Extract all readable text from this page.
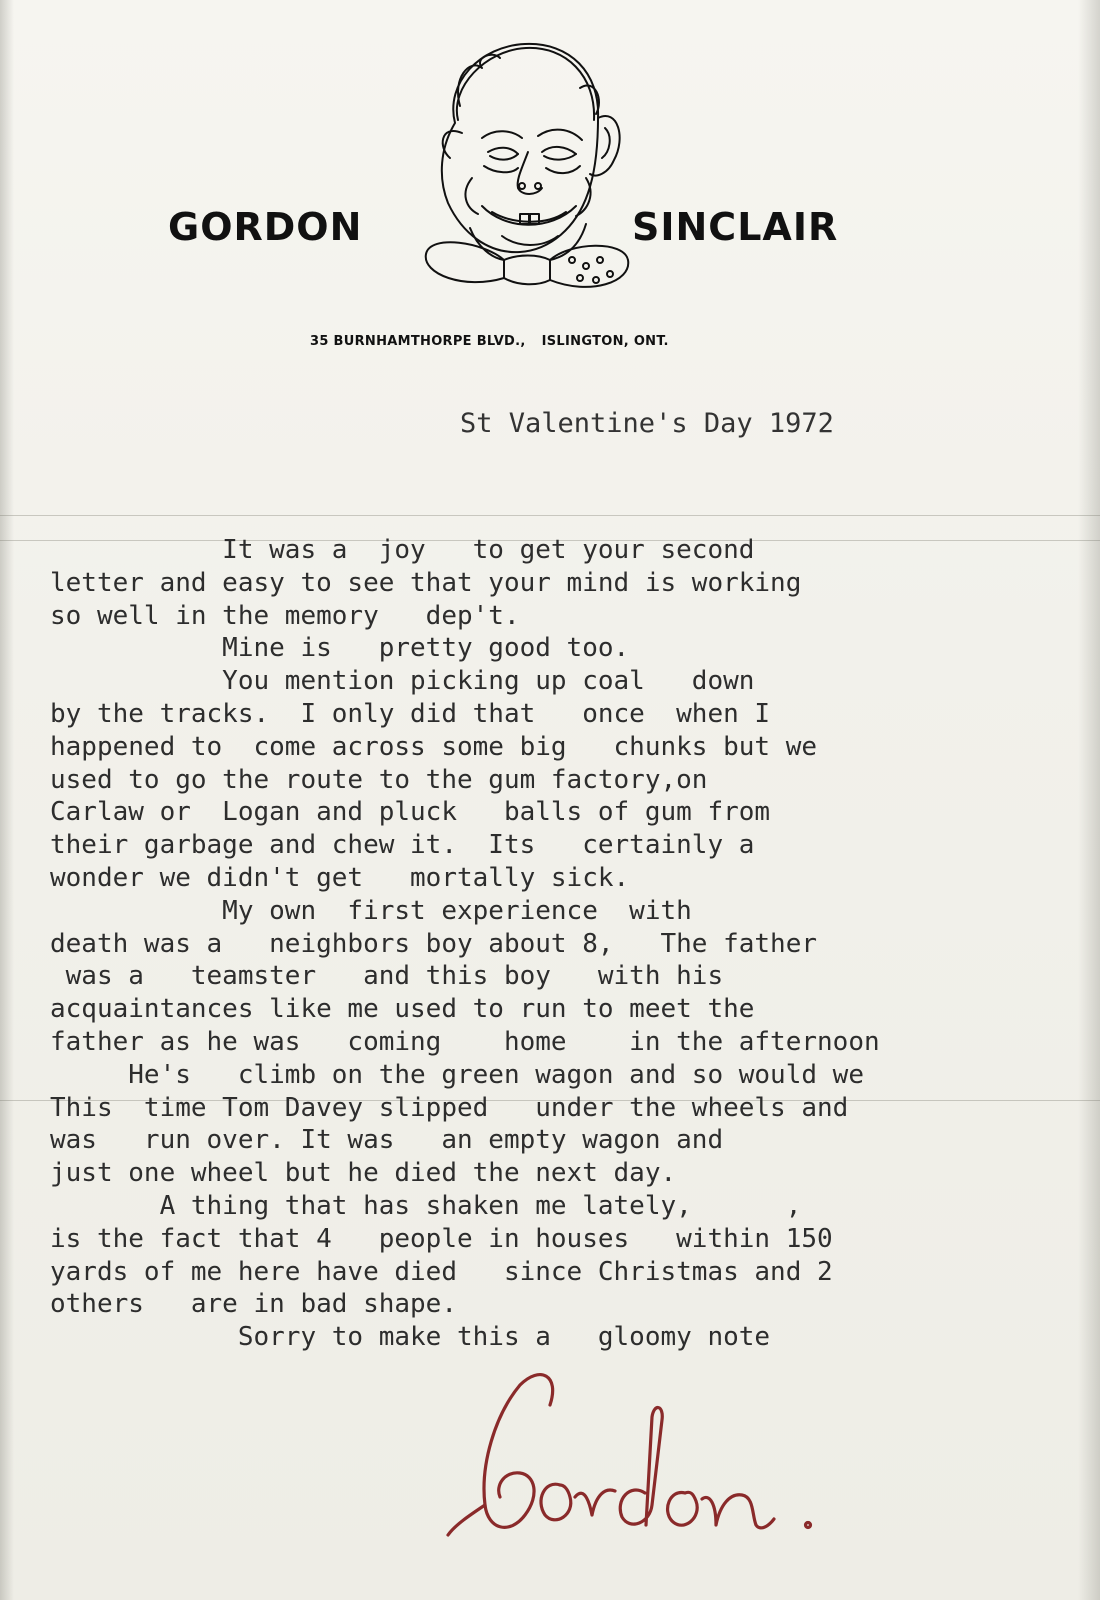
GORDON	SINCLAIR
35 BURNHAMTHORPE BLVD., ISLINGTON, ONT.
St Valentine's Day 1972
It was a  joy   to get your second
letter and easy to see that your mind is working
so well in the memory   dep't.
Mine is   pretty good too.
You mention picking up coal   down
by the tracks.  I only did that   once  when I
happened to  come across some big   chunks but we
used to go the route to the gum factory,on
Carlaw or  Logan and pluck   balls of gum from
their garbage and chew it.  Its   certainly a
wonder we didn't get   mortally sick.
My own  first experience  with
death was a   neighbors boy about 8,   The father
was a   teamster   and this boy   with his
acquaintances like me used to run to meet the
father as he was   coming    home    in the afternoon
He's   climb on the green wagon and so would we
This  time Tom Davey slipped   under the wheels and
was   run over. It was   an empty wagon and
just one wheel but he died the next day.
A thing that has shaken me lately,      ,
is the fact that 4   people in houses   within 150
yards of me here have died   since Christmas and 2
others   are in bad shape.
Sorry to make this a   gloomy note
